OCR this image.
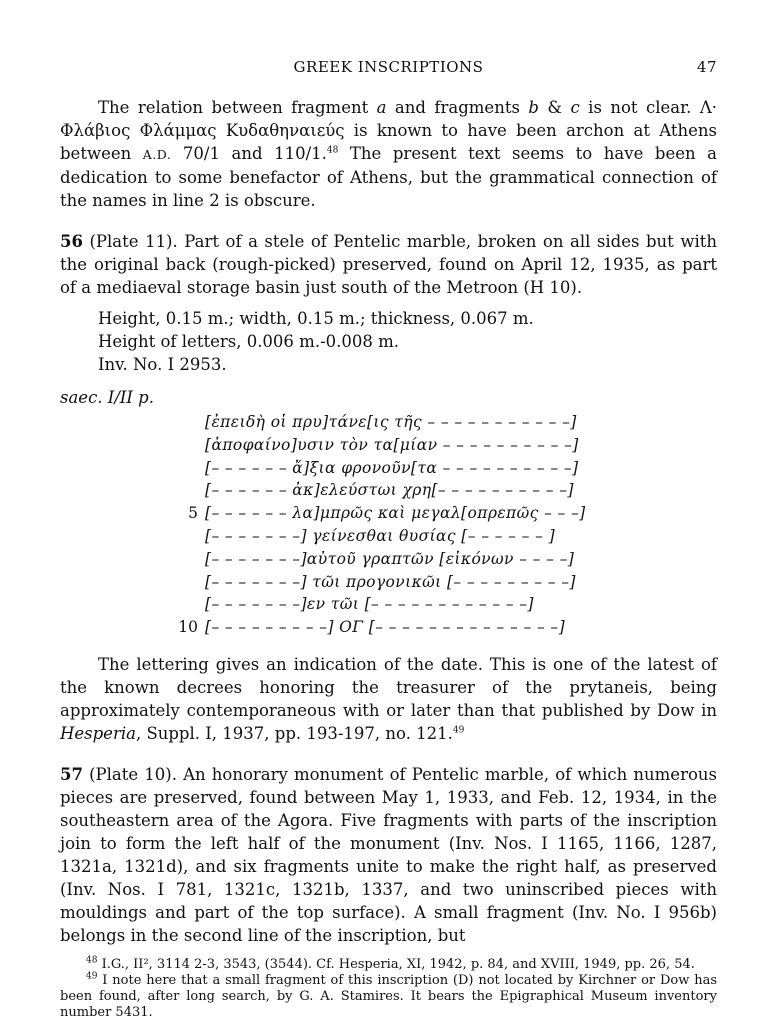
GREEK INSCRIPTIONS	47

The relation between fragment a and fragments b & c is not clear. Λ· Φλάβιος Φλάμμας Κυδαθηναιεύς is known to have been archon at Athens between A.D. 70/1 and 110/1.48 The present text seems to have been a dedication to some benefactor of Athens, but the grammatical connection of the names in line 2 is obscure.

56 (Plate 11). Part of a stele of Pentelic marble, broken on all sides but with the original back (rough-picked) preserved, found on April 12, 1935, as part of a mediaeval storage basin just south of the Metroon (H 10).

Height, 0.15 m.; width, 0.15 m.; thickness, 0.067 m.
Height of letters, 0.006 m.-0.008 m.
Inv. No. I 2953.
saec. I/II p.
[ἐπειδὴ οἱ πρυ]τάνε[ις τῆς – – – – – – – – – – –]
[ἀποφαίνο]υσιν τὸν τα[μίαν – – – – – – – – – –]
[– – – – – – ἄ]ξια φρονοῦν[τα – – – – – – – – – –]
[– – – – – – ἀκ]ελεύστωι χρη[– – – – – – – – – –]
5 [– – – – – – λα]μπρῶς καὶ μεγαλ[οπρεπῶς – – –]
[– – – – – – –] γείνεσθαι θυσίας [– – – – – – ]
[– – – – – – –]αὐτοῦ γραπτῶν [εἰκόνων – – – –]
[– – – – – – –] τῶι προγονικῶι [– – – – – – – – –]
[– – – – – – –]εν τῶι [– – – – – – – – – – – –]
10 [– – – – – – – – –] ΟΓ [– – – – – – – – – – – – – –]

The lettering gives an indication of the date. This is one of the latest of the known decrees honoring the treasurer of the prytaneis, being approximately contemporaneous with or later than that published by Dow in Hesperia, Suppl. I, 1937, pp. 193-197, no. 121.49

57 (Plate 10). An honorary monument of Pentelic marble, of which numerous pieces are preserved, found between May 1, 1933, and Feb. 12, 1934, in the southeastern area of the Agora. Five fragments with parts of the inscription join to form the left half of the monument (Inv. Nos. I 1165, 1166, 1287, 1321a, 1321d), and six fragments unite to make the right half, as preserved (Inv. Nos. I 781, 1321c, 1321b, 1337, and two uninscribed pieces with mouldings and part of the top surface). A small fragment (Inv. No. I 956b) belongs in the second line of the inscription, but

$^{48}$ I.G., II², 3114 2-3, 3543, (3544). Cf. Hesperia, XI, 1942, p. 84, and XVIII, 1949, pp. 26, 54.
$^{49}$ I note here that a small fragment of this inscription (D) not located by Kirchner or Dow has been found, after long search, by G. A. Stamires. It bears the Epigraphical Museum inventory number 5431.
